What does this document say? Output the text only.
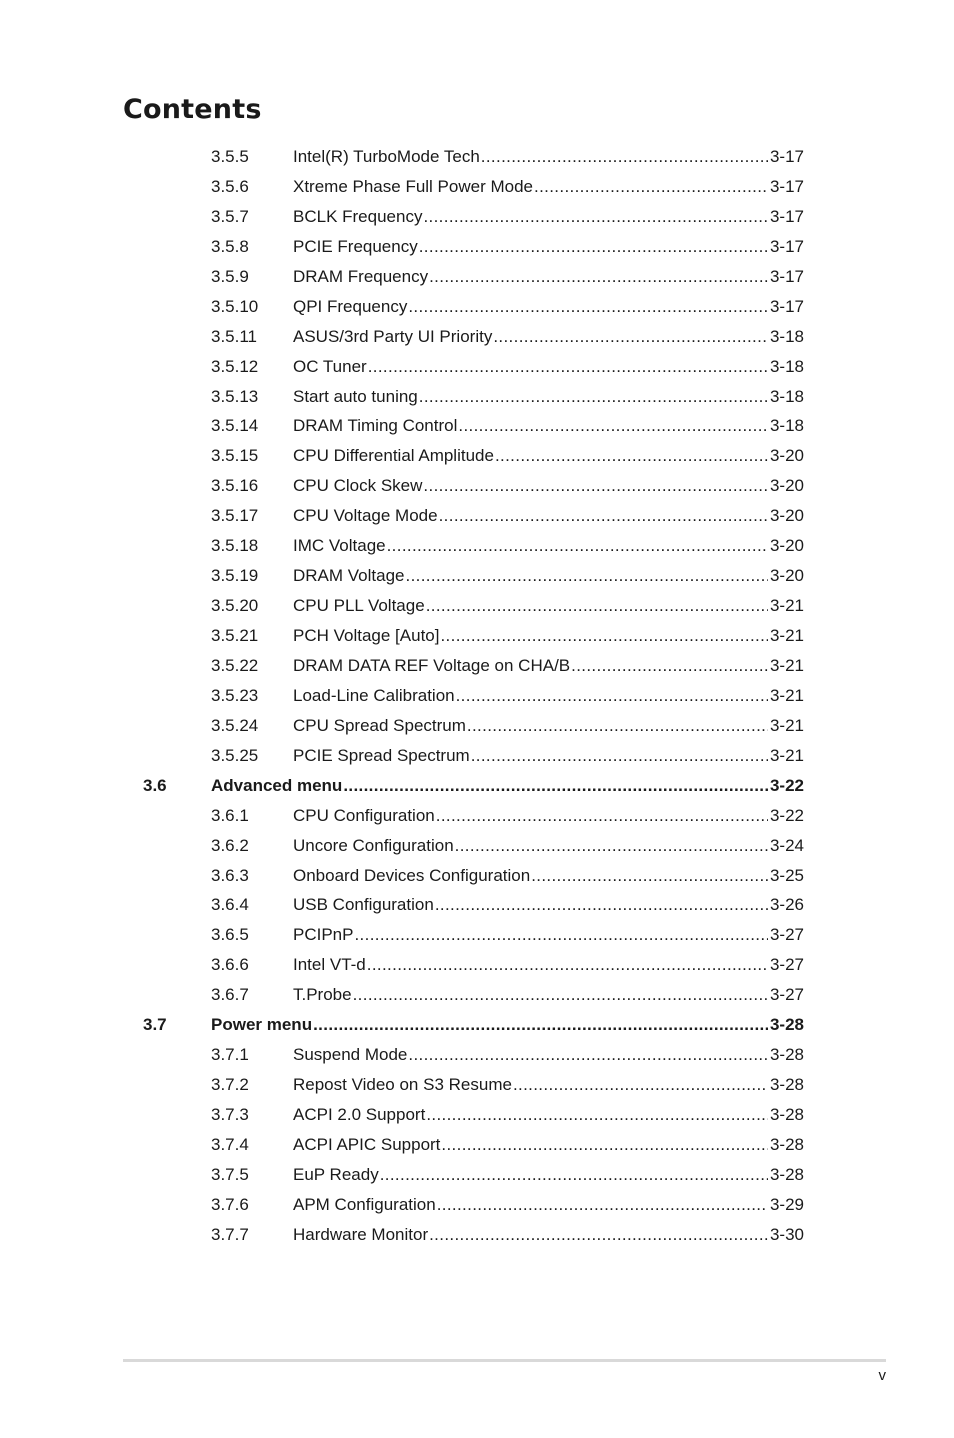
Contents
3.5.5	Intel(R) TurboMode Tech .....	3-17
3.5.6	Xtreme Phase Full Power Mode .....	3-17
3.5.7	BCLK Frequency .....	3-17
3.5.8	PCIE Frequency .....	3-17
3.5.9	DRAM Frequency .....	3-17
3.5.10 QPI Frequency .....	3-17
3.5.11 ASUS/3rd Party UI Priority .....	3-18
3.5.12 OC Tuner .....	3-18
3.5.13 Start auto tuning .....	3-18
3.5.14 DRAM Timing Control .....	3-18
3.5.15 CPU Differential Amplitude .....	3-20
3.5.16 CPU Clock Skew .....	3-20
3.5.17 CPU Voltage Mode .....	3-20
3.5.18 IMC Voltage .....	3-20
3.5.19 DRAM Voltage .....	3-20
3.5.20 CPU PLL Voltage .....	3-21
3.5.21 PCH Voltage [Auto] .....	3-21
3.5.22 DRAM DATA REF Voltage on CHA/B .....	3-21
3.5.23 Load-Line Calibration .....	3-21
3.5.24 CPU Spread Spectrum .....	3-21
3.5.25 PCIE Spread Spectrum .....	3-21
3.6	Advanced menu .....	3-22
3.6.1	CPU Configuration .....	3-22
3.6.2	Uncore Configuration .....	3-24
3.6.3	Onboard Devices Configuration .....	3-25
3.6.4	USB Configuration .....	3-26
3.6.5	PCIPnP .....	3-27
3.6.6	Intel VT-d .....	3-27
3.6.7	T.Probe .....	3-27
3.7	Power menu .....	3-28
3.7.1	Suspend Mode .....	3-28
3.7.2	Repost Video on S3 Resume .....	3-28
3.7.3	ACPI 2.0 Support .....	3-28
3.7.4	ACPI APIC Support .....	3-28
3.7.5	EuP Ready .....	3-28
3.7.6	APM Configuration .....	3-29
3.7.7	Hardware Monitor .....	3-30
v
